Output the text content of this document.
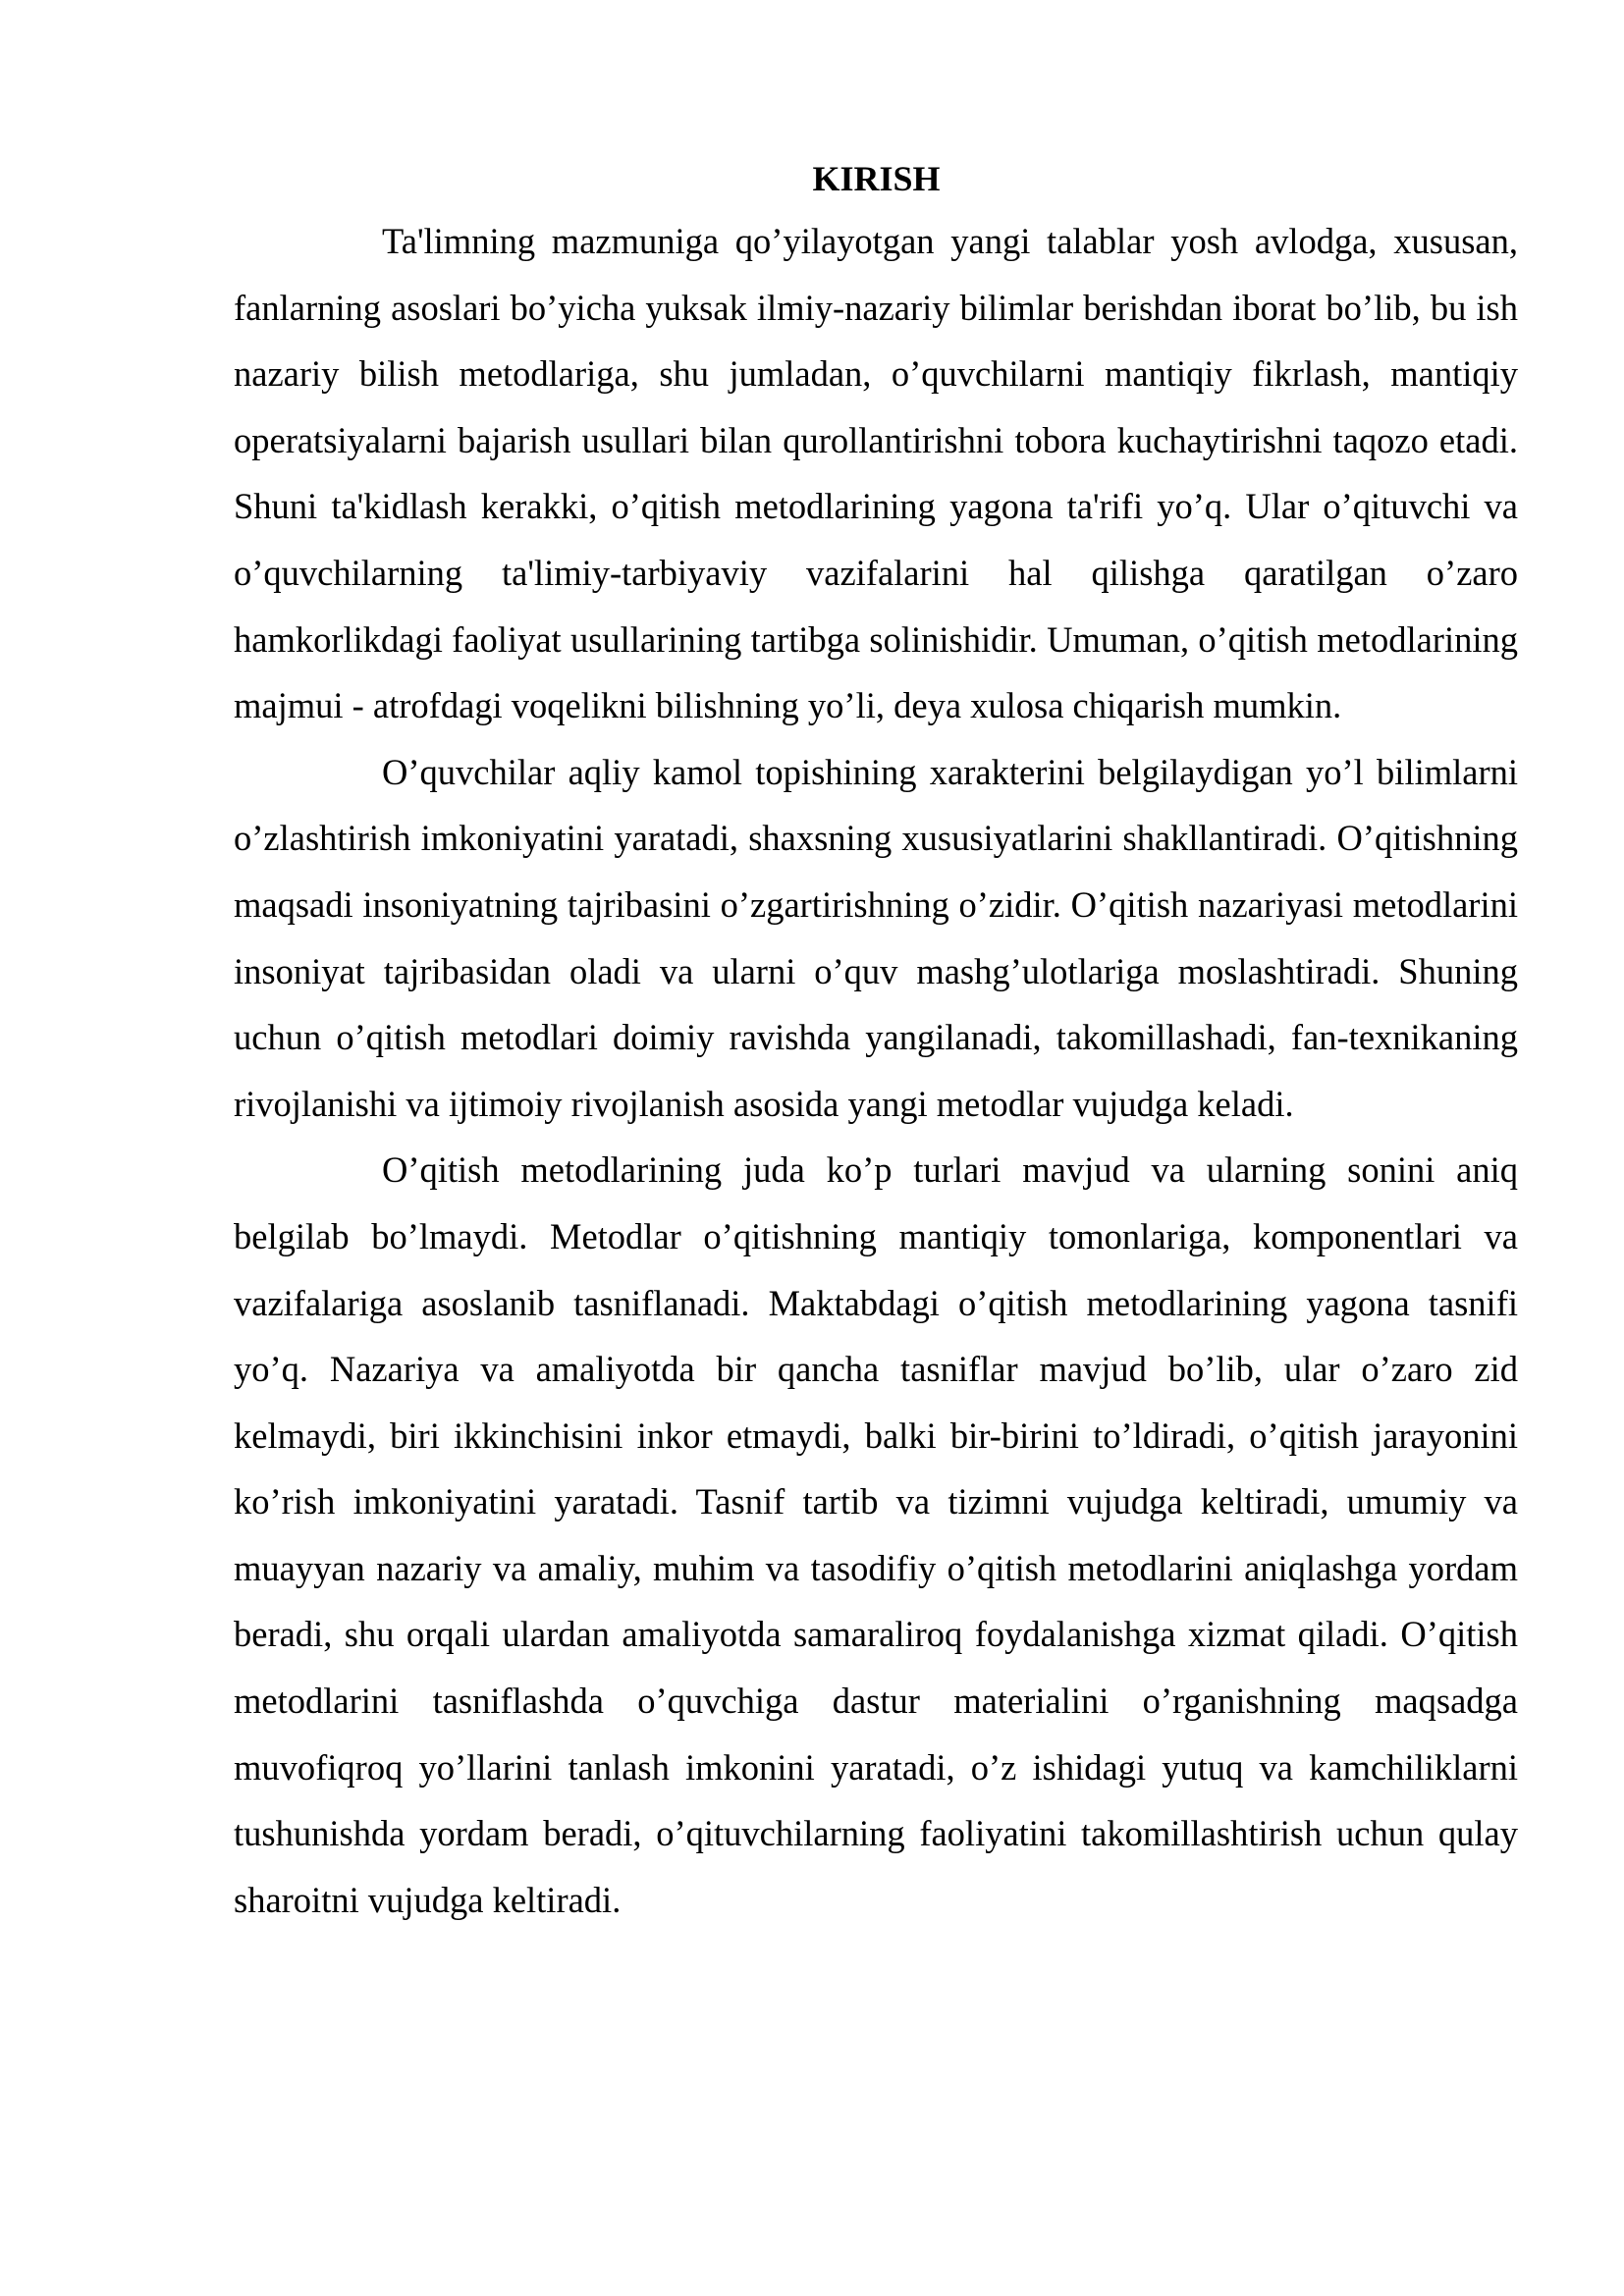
KIRISH

Ta'limning mazmuniga qo’yilayotgan yangi talablar yosh avlodga, xususan, fanlarning asoslari bo’yicha yuksak ilmiy-nazariy bilimlar berishdan iborat bo’lib, bu ish nazariy bilish metodlariga, shu jumladan, o’quvchilarni mantiqiy fikrlash, mantiqiy operatsiyalarni bajarish usullari bilan qurollantirishni tobora kuchaytirishni taqozo etadi. Shuni ta'kidlash kerakki, o’qitish metodlarining yagona ta'rifi yo’q. Ular o’qituvchi va o’quvchilarning ta'limiy-tarbiyaviy vazifalarini hal qilishga qaratilgan o’zaro hamkorlikdagi faoliyat usullarining tartibga solinishidir. Umuman, o’qitish metodlarining majmui - atrofdagi voqelikni bilishning yo’li, deya xulosa chiqarish mumkin.

O’quvchilar aqliy kamol topishining xarakterini belgilaydigan yo’l bilimlarni o’zlashtirish imkoniyatini yaratadi, shaxsning xususiyatlarini shakllantiradi. O’qitishning maqsadi insoniyatning tajribasini o’zgartirishning o’zidir. O’qitish nazariyasi metodlarini insoniyat tajribasidan oladi va ularni o’quv mashg’ulotlariga moslashtiradi. Shuning uchun o’qitish metodlari doimiy ravishda yangilanadi, takomillashadi, fan-texnikaning rivojlanishi va ijtimoiy rivojlanish asosida yangi metodlar vujudga keladi.

O’qitish metodlarining juda ko’p turlari mavjud va ularning sonini aniq belgilab bo’lmaydi. Metodlar o’qitishning mantiqiy tomonlariga, komponentlari va vazifalariga asoslanib tasniflanadi. Maktabdagi o’qitish metodlarining yagona tasnifi yo’q. Nazariya va amaliyotda bir qancha tasniflar mavjud bo’lib, ular o’zaro zid kelmaydi, biri ikkinchisini inkor etmaydi, balki bir-birini to’ldiradi, o’qitish jarayonini ko’rish imkoniyatini yaratadi. Tasnif tartib va tizimni vujudga keltiradi, umumiy va muayyan nazariy va amaliy, muhim va tasodifiy o’qitish metodlarini aniqlashga yordam beradi, shu orqali ulardan amaliyotda samaraliroq foydalanishga xizmat qiladi. O’qitish metodlarini tasniflashda o’quvchiga dastur materialini o’rganishning maqsadga muvofiqroq yo’llarini tanlash imkonini yaratadi, o’z ishidagi yutuq va kamchiliklarni tushunishda yordam beradi, o’qituvchilarning faoliyatini takomillashtirish uchun qulay sharoitni vujudga keltiradi.
